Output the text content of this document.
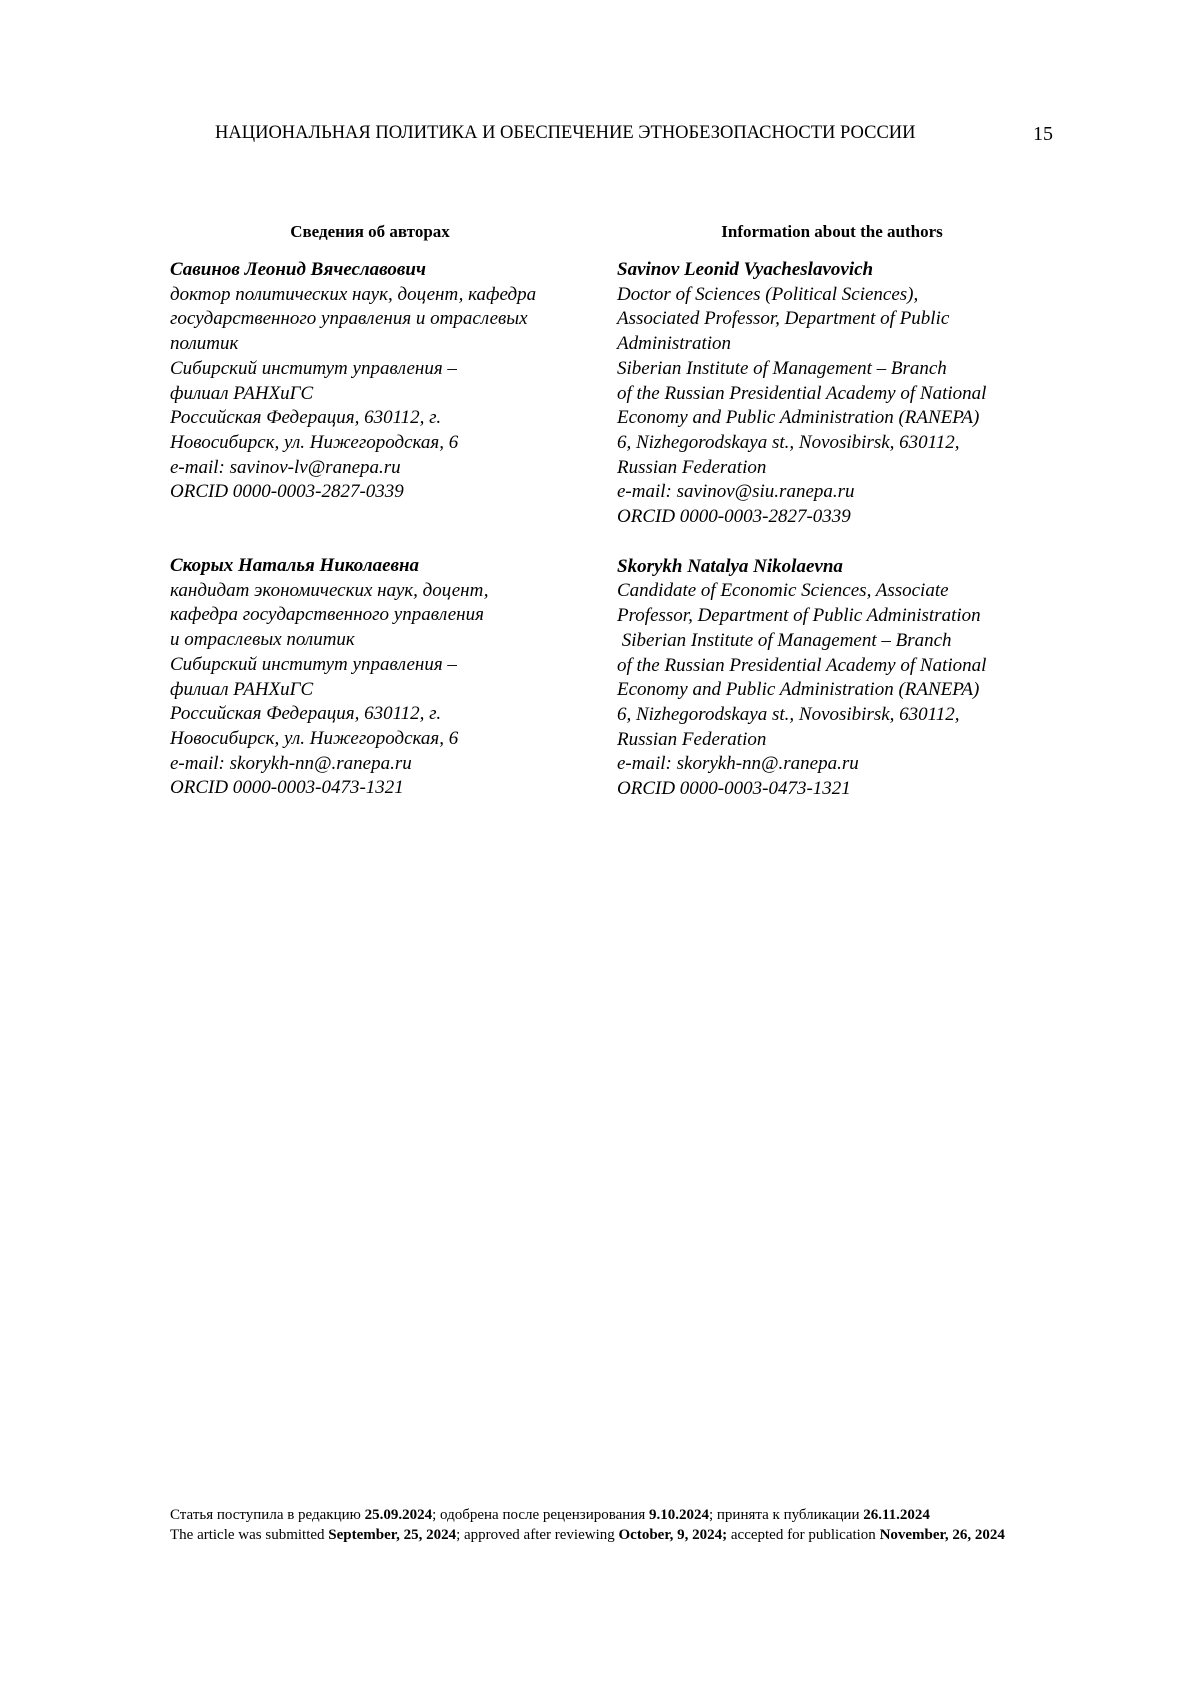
НАЦИОНАЛЬНАЯ ПОЛИТИКА И ОБЕСПЕЧЕНИЕ ЭТНОБЕЗОПАСНОСТИ РОССИИ	15
Сведения об авторах
Савинов Леонид Вячеславович
доктор политических наук, доцент, кафедра
государственного управления и отраслевых
политик
Сибирский институт управления –
филиал РАНХиГС
Российская Федерация, 630112, г.
Новосибирск, ул. Нижегородская, 6
e-mail: savinov-lv@ranepa.ru
ORCID 0000-0003-2827-0339
Скорых Наталья Николаевна
кандидат экономических наук, доцент,
кафедра государственного управления
и отраслевых политик
Сибирский институт управления –
филиал РАНХиГС
Российская Федерация, 630112, г.
Новосибирск, ул. Нижегородская, 6
e-mail: skorykh-nn@.ranepa.ru
ORCID 0000-0003-0473-1321
Information about the authors
Savinov Leonid Vyacheslavovich
Doctor of Sciences (Political Sciences),
Associated Professor, Department of Public
Administration
Siberian Institute of Management – Branch
of the Russian Presidential Academy of National
Economy and Public Administration (RANEPA)
6, Nizhegorodskaya st., Novosibirsk, 630112,
Russian Federation
e-mail: savinov@siu.ranepa.ru
ORCID 0000-0003-2827-0339
Skorykh Natalya Nikolaevna
Candidate of Economic Sciences, Associate
Professor, Department of Public Administration
Siberian Institute of Management – Branch
of the Russian Presidential Academy of National
Economy and Public Administration (RANEPA)
6, Nizhegorodskaya st., Novosibirsk, 630112,
Russian Federation
e-mail: skorykh-nn@.ranepa.ru
ORCID 0000-0003-0473-1321
Статья поступила в редакцию 25.09.2024; одобрена после рецензирования 9.10.2024; принята к публикации 26.11.2024
The article was submitted September, 25, 2024; approved after reviewing October, 9, 2024; accepted for publication November, 26, 2024
